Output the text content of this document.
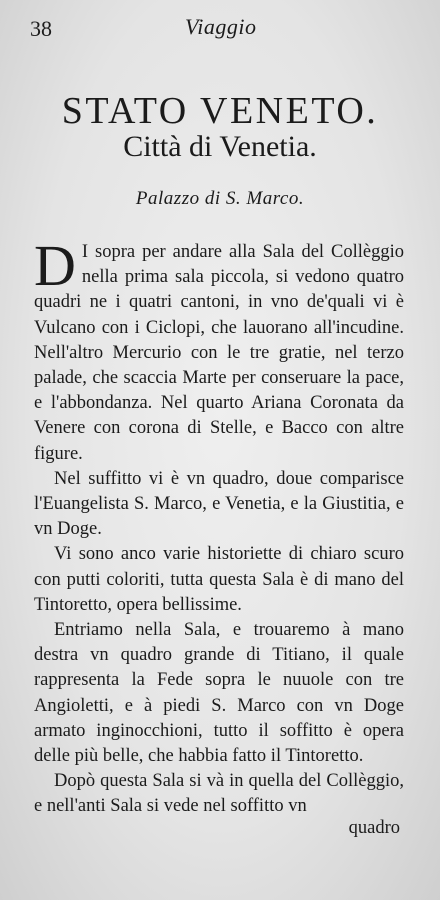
38	Viaggio
STATO VENETO.
Città di Venetia.
Palazzo di S. Marco.

D I sopra per andare alla Sala del Collèggio nella prima sala piccola, si vedono quatro quadri ne i quatri cantoni, in vno de'quali vi è Vulcano con i Ciclopi, che lauorano all'incudine. Nell'altro Mercurio con le tre gratie, nel terzo palade, che scaccia Marte per conseruare la pace, e l'abbondanza. Nel quarto Ariana Coronata da Venere con corona di Stelle, e Bacco con altre figure.

Nel suffitto vi è vn quadro, doue comparisce l'Euangelista S. Marco, e Venetia, e la Giustitia, e vn Doge.

Vi sono anco varie historiette di chiaro scuro con putti coloriti, tutta questa Sala è di mano del Tintoretto, opera bellissime.

Entriamo nella Sala, e trouaremo à mano destra vn quadro grande di Titiano, il quale rappresenta la Fede sopra le nuuole con tre Angioletti, e à piedi S. Marco con vn Doge armato inginocchioni, tutto il soffitto è opera delle più belle, che habbia fatto il Tintoretto.

Dopò questa Sala si và in quella del Collèggio, e nell'anti Sala si vede nel soffitto vn

quadro
